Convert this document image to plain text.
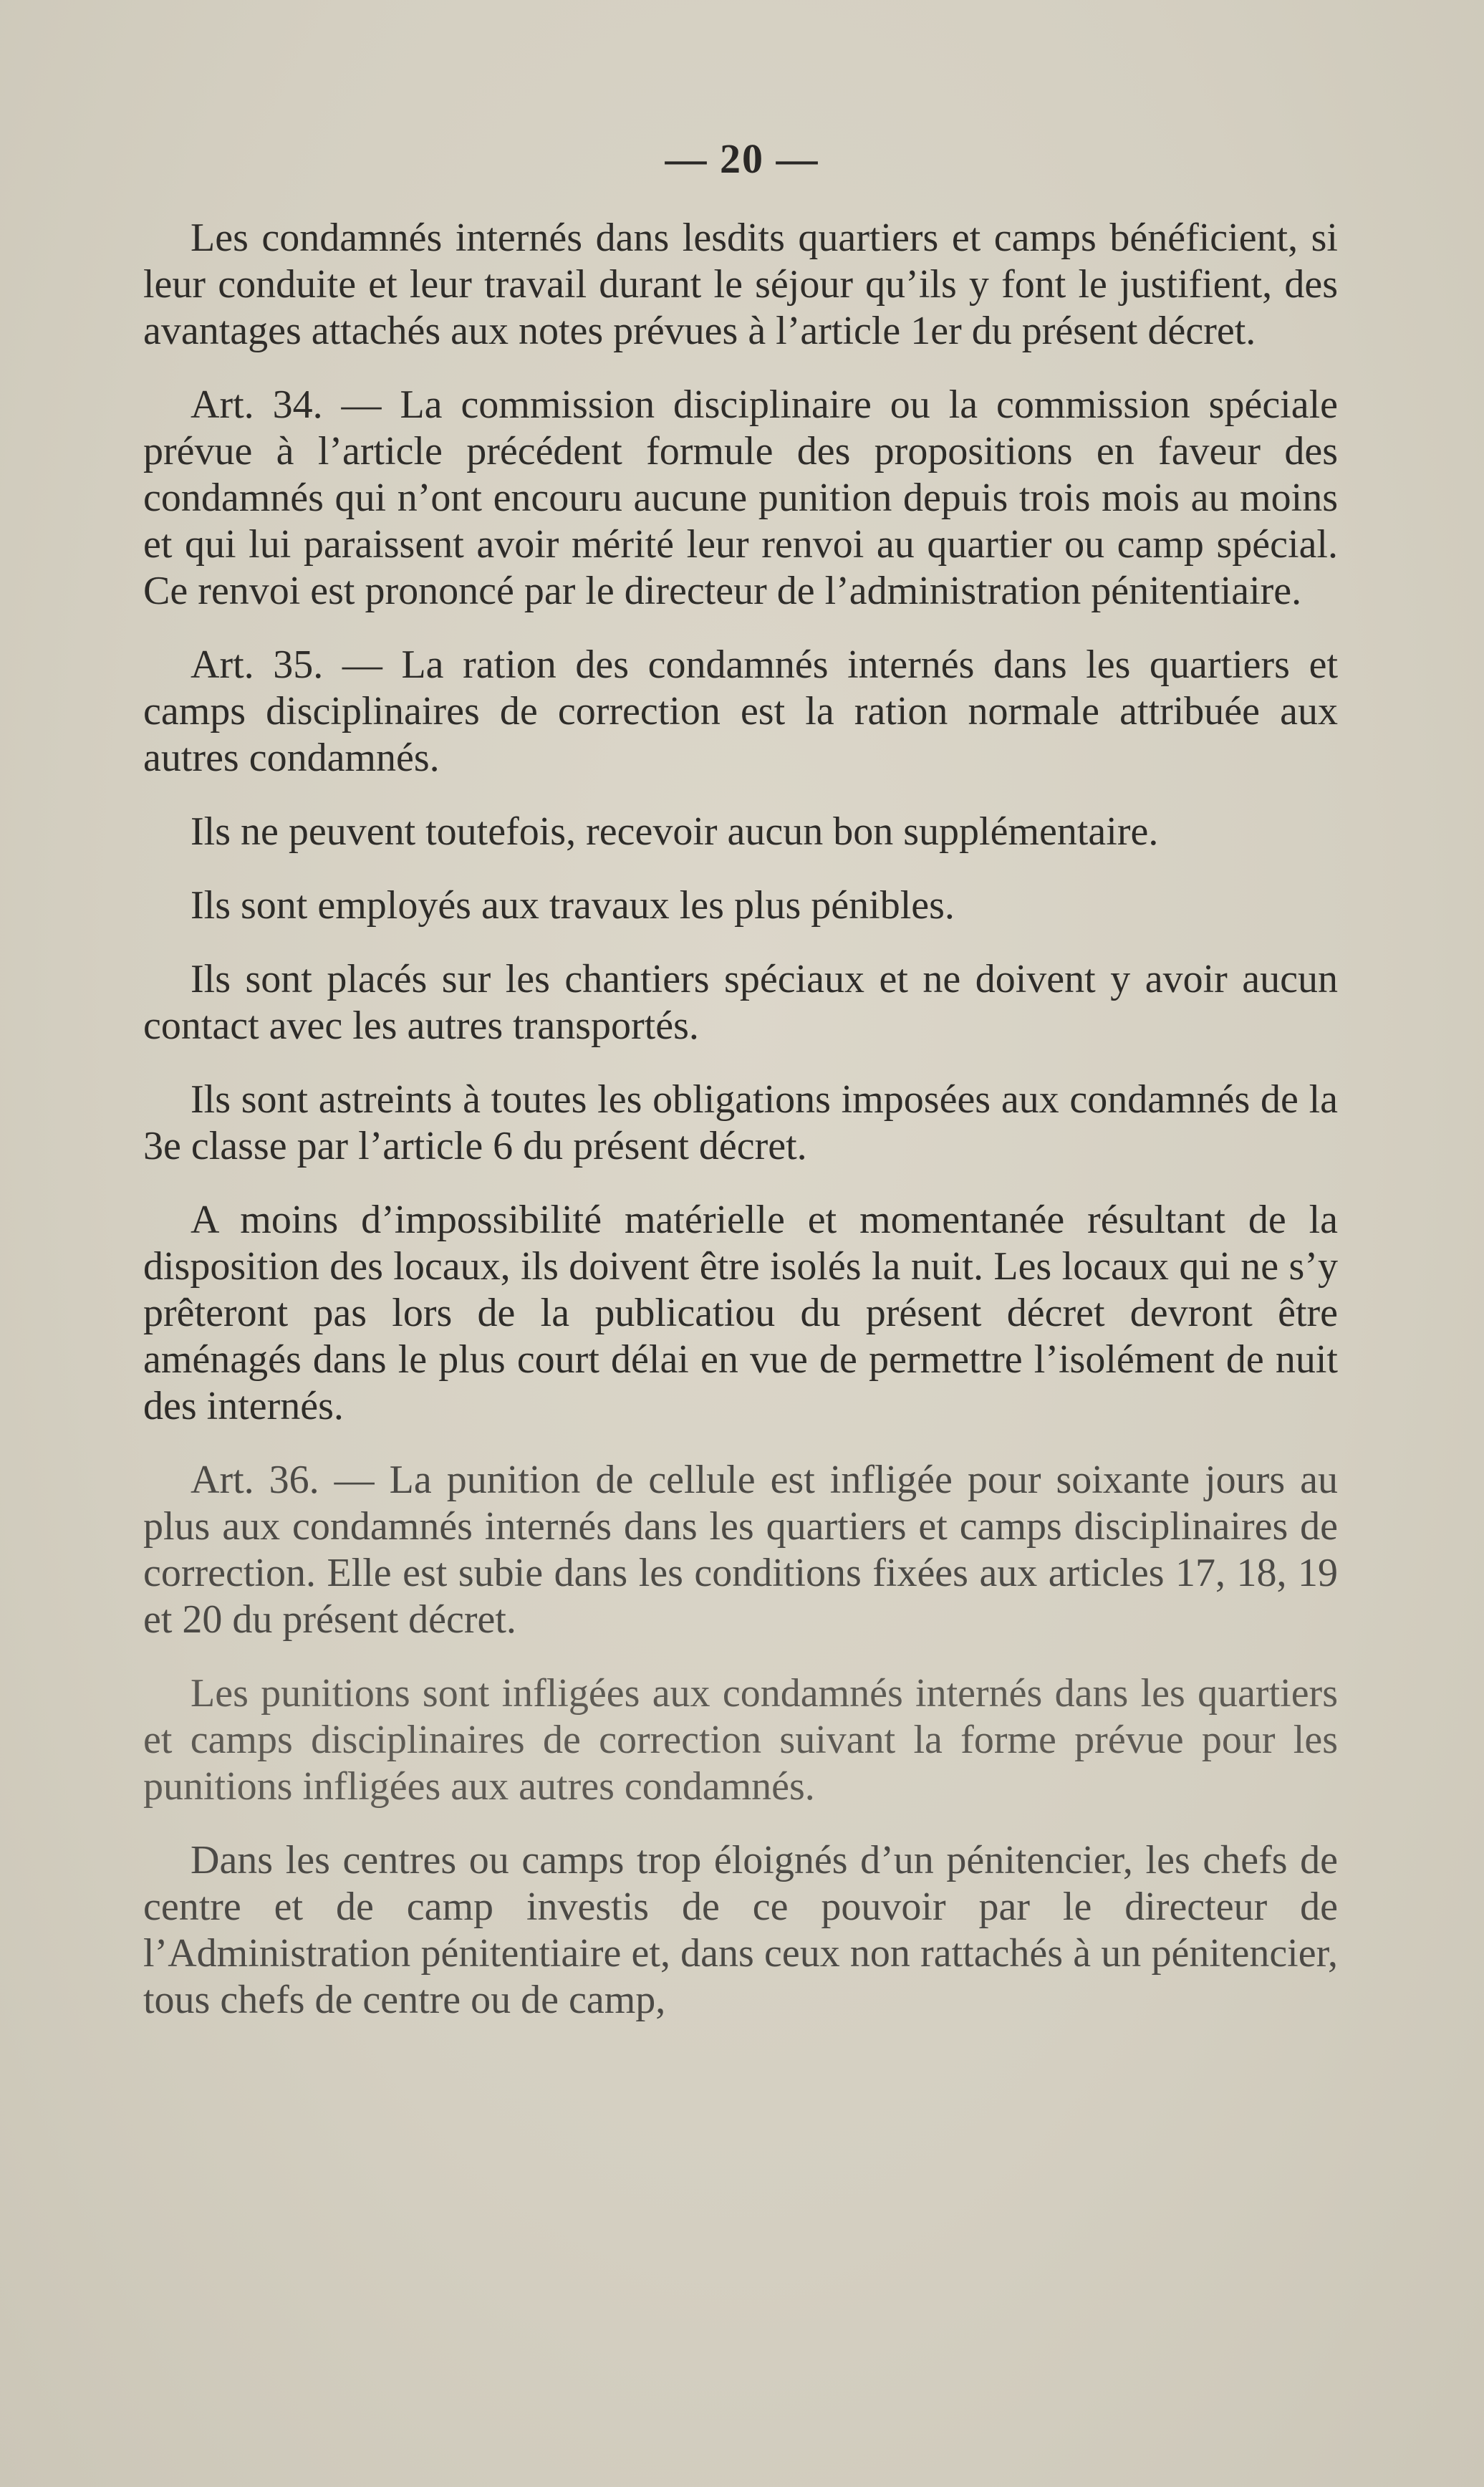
— 20 —

Les condamnés internés dans lesdits quartiers et camps bénéficient, si leur conduite et leur travail durant le séjour qu’ils y font le justifient, des avantages attachés aux notes prévues à l’article 1er du présent décret.

Art. 34. — La commission disciplinaire ou la commission spéciale prévue à l’article précédent formule des propositions en faveur des condamnés qui n’ont encouru aucune punition depuis trois mois au moins et qui lui paraissent avoir mérité leur renvoi au quartier ou camp spécial. Ce renvoi est prononcé par le directeur de l’administration pénitentiaire.

Art. 35. — La ration des condamnés internés dans les quartiers et camps disciplinaires de correction est la ration normale attribuée aux autres condamnés.

Ils ne peuvent toutefois, recevoir aucun bon supplémentaire.

Ils sont employés aux travaux les plus pénibles.

Ils sont placés sur les chantiers spéciaux et ne doivent y avoir aucun contact avec les autres transportés.

Ils sont astreints à toutes les obligations imposées aux condamnés de la 3e classe par l’article 6 du présent décret.

A moins d’impossibilité matérielle et momentanée résultant de la disposition des locaux, ils doivent être isolés la nuit. Les locaux qui ne s’y prêteront pas lors de la publicatiou du présent décret devront être aménagés dans le plus court délai en vue de permettre l’isolément de nuit des internés.

Art. 36. — La punition de cellule est infligée pour soixante jours au plus aux condamnés internés dans les quartiers et camps disciplinaires de correction. Elle est subie dans les conditions fixées aux articles 17, 18, 19 et 20 du présent décret.

Les punitions sont infligées aux condamnés internés dans les quartiers et camps disciplinaires de correction suivant la forme prévue pour les punitions infligées aux autres condamnés.

Dans les centres ou camps trop éloignés d’un pénitencier, les chefs de centre et de camp investis de ce pouvoir par le directeur de l’Administration pénitentiaire et, dans ceux non rattachés à un pénitencier, tous chefs de centre ou de camp,
